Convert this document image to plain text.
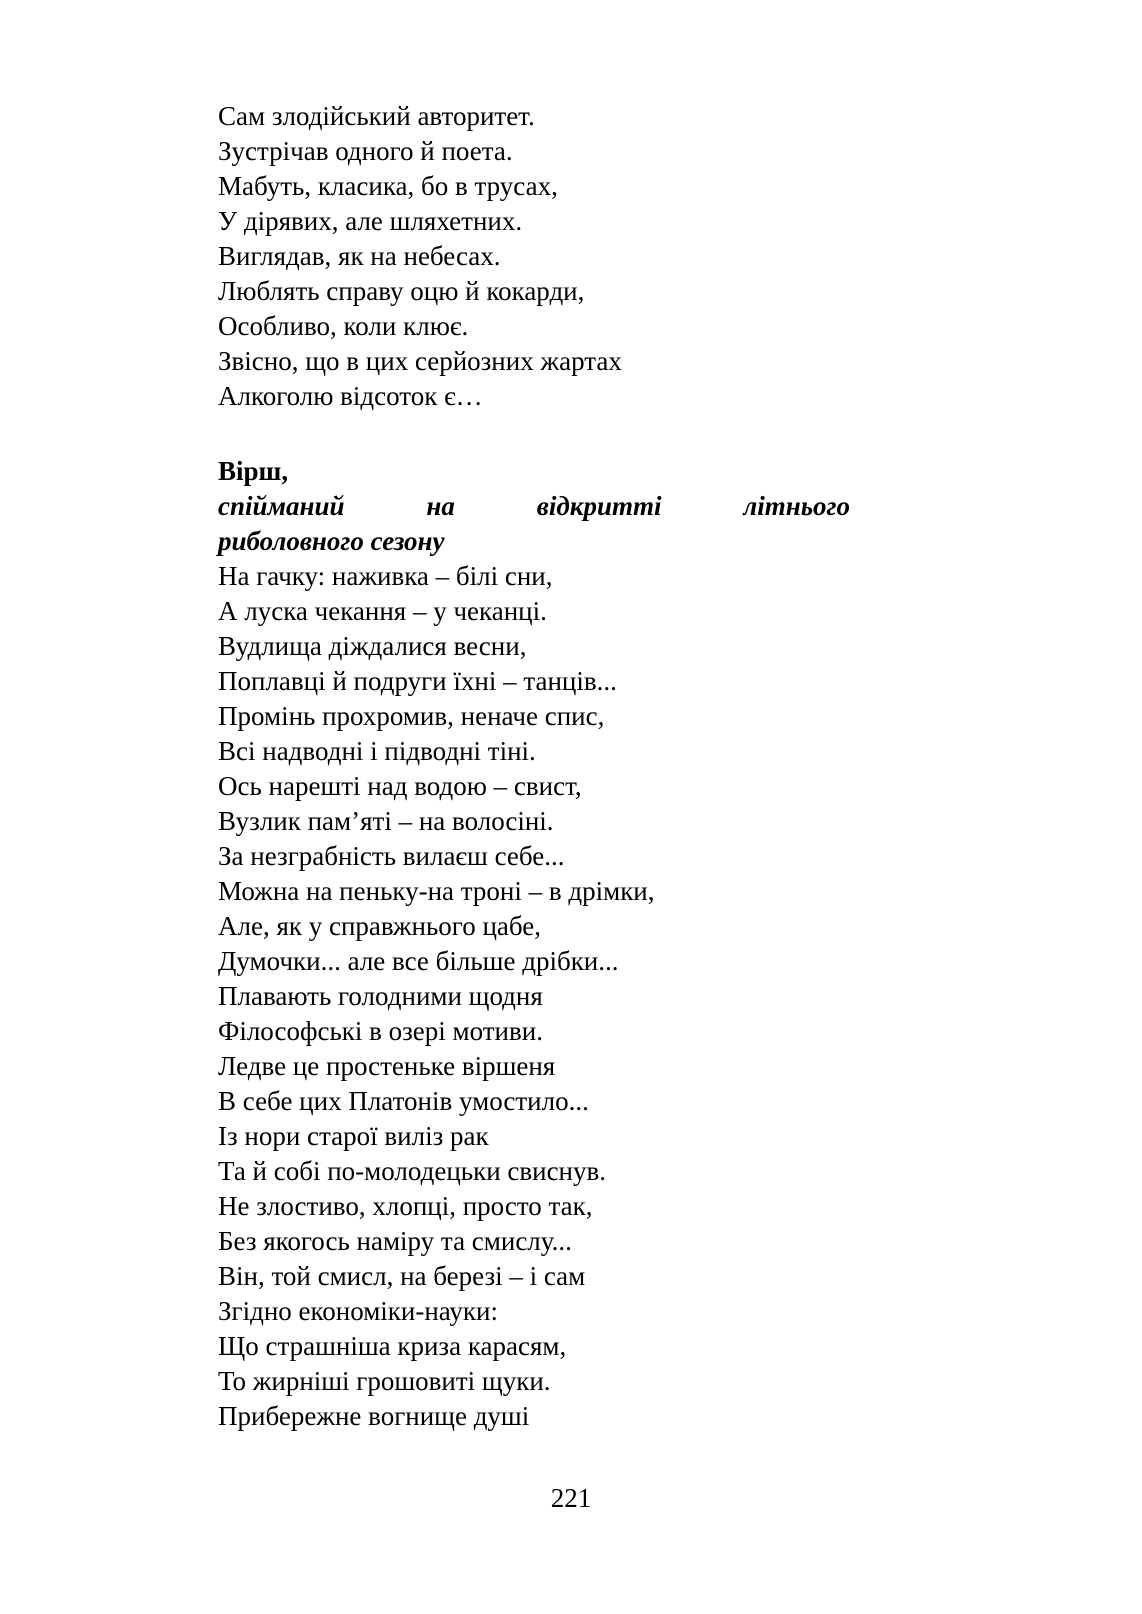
Сам злодійський авторитет.
Зустрічав одного й поета.
Мабуть, класика, бо в трусах,
У дірявих, але шляхетних.
Виглядав, як на небесах.
Люблять справу оцю й кокарди,
Особливо, коли клює.
Звісно, що в цих серйозних жартах
Алкоголю відсоток є…
Вірш,
спійманий	на	відкритті	літнього
риболовного сезону
На гачку: наживка – білі сни,
А луска чекання – у чеканці.
Вудлища діждалися весни,
Поплавці й подруги їхні – танців...
Промінь прохромив, неначе спис,
Всі надводні і підводні тіні.
Ось нарешті над водою – свист,
Вузлик пам’яті – на волосіні.
За незграбність вилаєш себе...
Можна на пеньку-на троні – в дрімки,
Але, як у справжнього цабе,
Думочки... але все більше дрібки...
Плавають голодними щодня
Філософські в озері мотиви.
Ледве це простеньке віршеня
В себе цих Платонів умостило...
Із нори старої виліз рак
Та й собі по-молодецьки свиснув.
Не злостиво, хлопці, просто так,
Без якогось наміру та смислу...
Він, той смисл, на березі – і сам
Згідно економіки-науки:
Що страшніша криза карасям,
То жирніші грошовиті щуки.
Прибережне вогнище душі
221
